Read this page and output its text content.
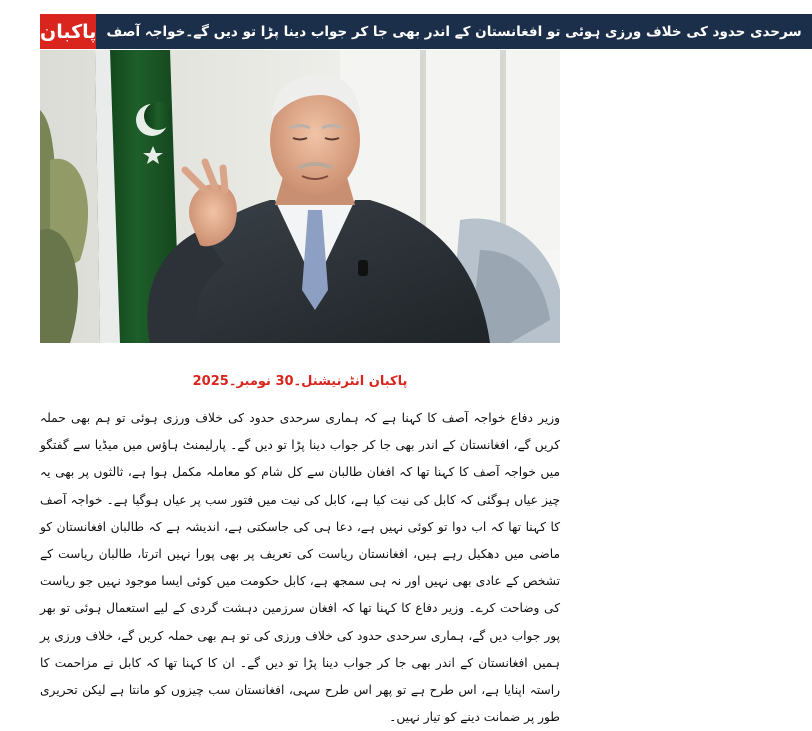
پاکبان سرحدی حدود کی خلاف ورزی ہوئی تو افغانستان کے اندر بھی جا کر جواب دینا پڑا تو دیں گے۔خواجہ آصف
پاکبان انٹرنیشنل۔30 نومبر۔2025
وزیر دفاع خواجہ آصف کا کہنا ہے کہ ہماری سرحدی حدود کی خلاف ورزی ہوئی تو ہم بھی حملہ کریں گے، افغانستان کے اندر بھی جا کر جواب دینا پڑا تو دیں گے۔ پارلیمنٹ ہاؤس میں میڈیا سے گفتگو میں خواجہ آصف کا کہنا تھا کہ افغان طالبان سے کل شام کو معاملہ مکمل ہوا ہے، ثالثوں پر بھی یہ چیز عیاں ہوگئی کہ کابل کی نیت کیا ہے، کابل کی نیت میں فتور سب پر عیاں ہوگیا ہے۔ خواجہ آصف کا کہنا تھا کہ اب دوا تو کوئی نہیں ہے، دعا ہی کی جاسکتی ہے، اندیشہ ہے کہ طالبان افغانستان کو ماضی میں دھکیل رہے ہیں، افغانستان ریاست کی تعریف پر بھی پورا نہیں اترتا، طالبان ریاست کے تشخص کے عادی بھی نہیں اور نہ ہی سمجھ ہے، کابل حکومت میں کوئی ایسا موجود نہیں جو ریاست کی وضاحت کرے۔ وزیر دفاع کا کہنا تھا کہ افغان سرزمین دہشت گردی کے لیے استعمال ہوئی تو بھر پور جواب دیں گے، ہماری سرحدی حدود کی خلاف ورزی کی تو ہم بھی حملہ کریں گے، خلاف ورزی پر ہمیں افغانستان کے اندر بھی جا کر جواب دینا پڑا تو دیں گے۔ ان کا کہنا تھا کہ کابل نے مزاحمت کا راستہ اپنایا ہے، اس طرح ہے تو پھر اس طرح سہی، افغانستان سب چیزوں کو مانتا ہے لیکن تحریری طور پر ضمانت دینے کو تیار نہیں۔
